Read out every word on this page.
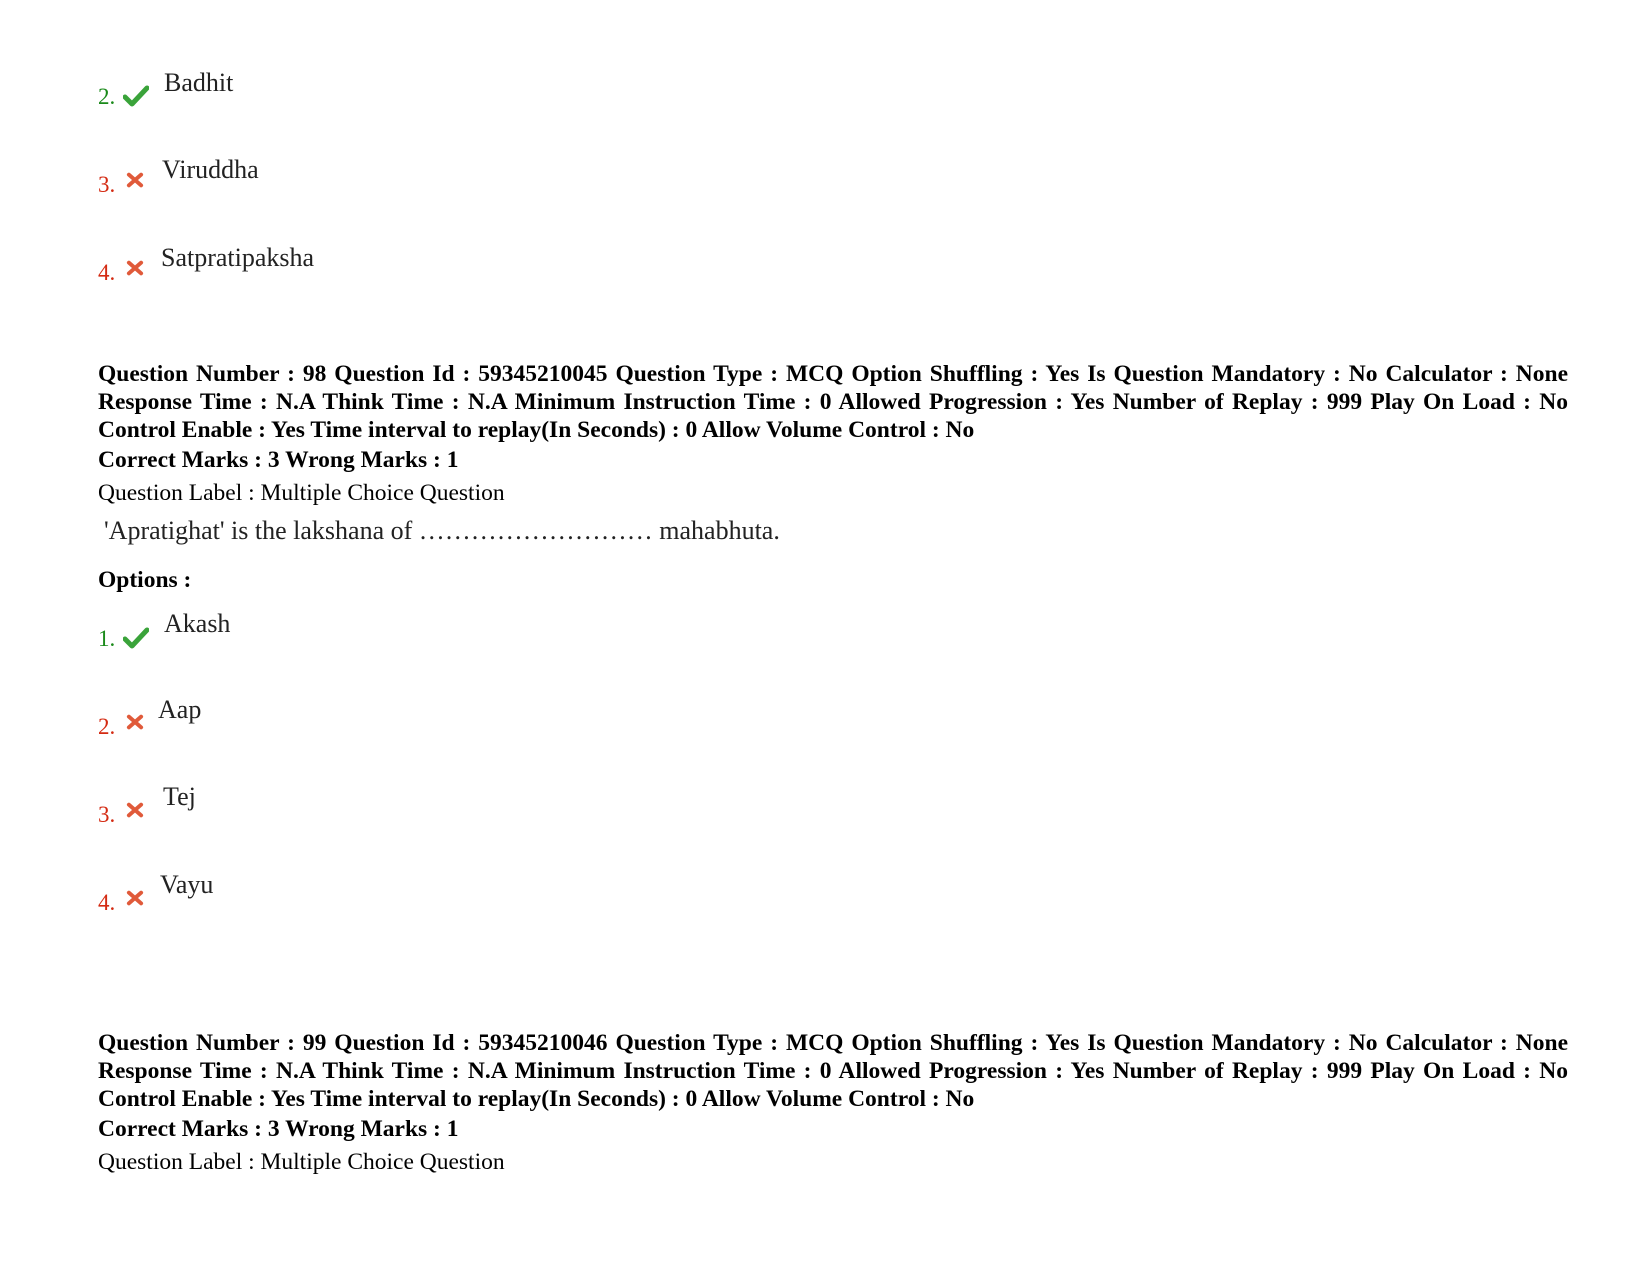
2. Badhit
3.
Viruddha
4.
Satpratipaksha
Question Number : 98 Question Id : 59345210045 Question Type : MCQ Option Shuffling : Yes Is Question Mandatory : No Calculator : None Response Time : N.A Think Time : N.A Minimum Instruction Time : 0 Allowed Progression : Yes Number of Replay : 999 Play On Load : No Control Enable : Yes Time interval to replay(In Seconds) : 0 Allow Volume Control : No
Correct Marks : 3 Wrong Marks : 1
Question Label : Multiple Choice Question
'Apratighat' is the lakshana of ……………………… mahabhuta.
Options :
1.
Akash
2.
Aap
3.
Tej
4.
Vayu
Question Number : 99 Question Id : 59345210046 Question Type : MCQ Option Shuffling : Yes Is Question Mandatory : No Calculator : None Response Time : N.A Think Time : N.A Minimum Instruction Time : 0 Allowed Progression : Yes Number of Replay : 999 Play On Load : No Control Enable : Yes Time interval to replay(In Seconds) : 0 Allow Volume Control : No
Correct Marks : 3 Wrong Marks : 1
Question Label : Multiple Choice Question
